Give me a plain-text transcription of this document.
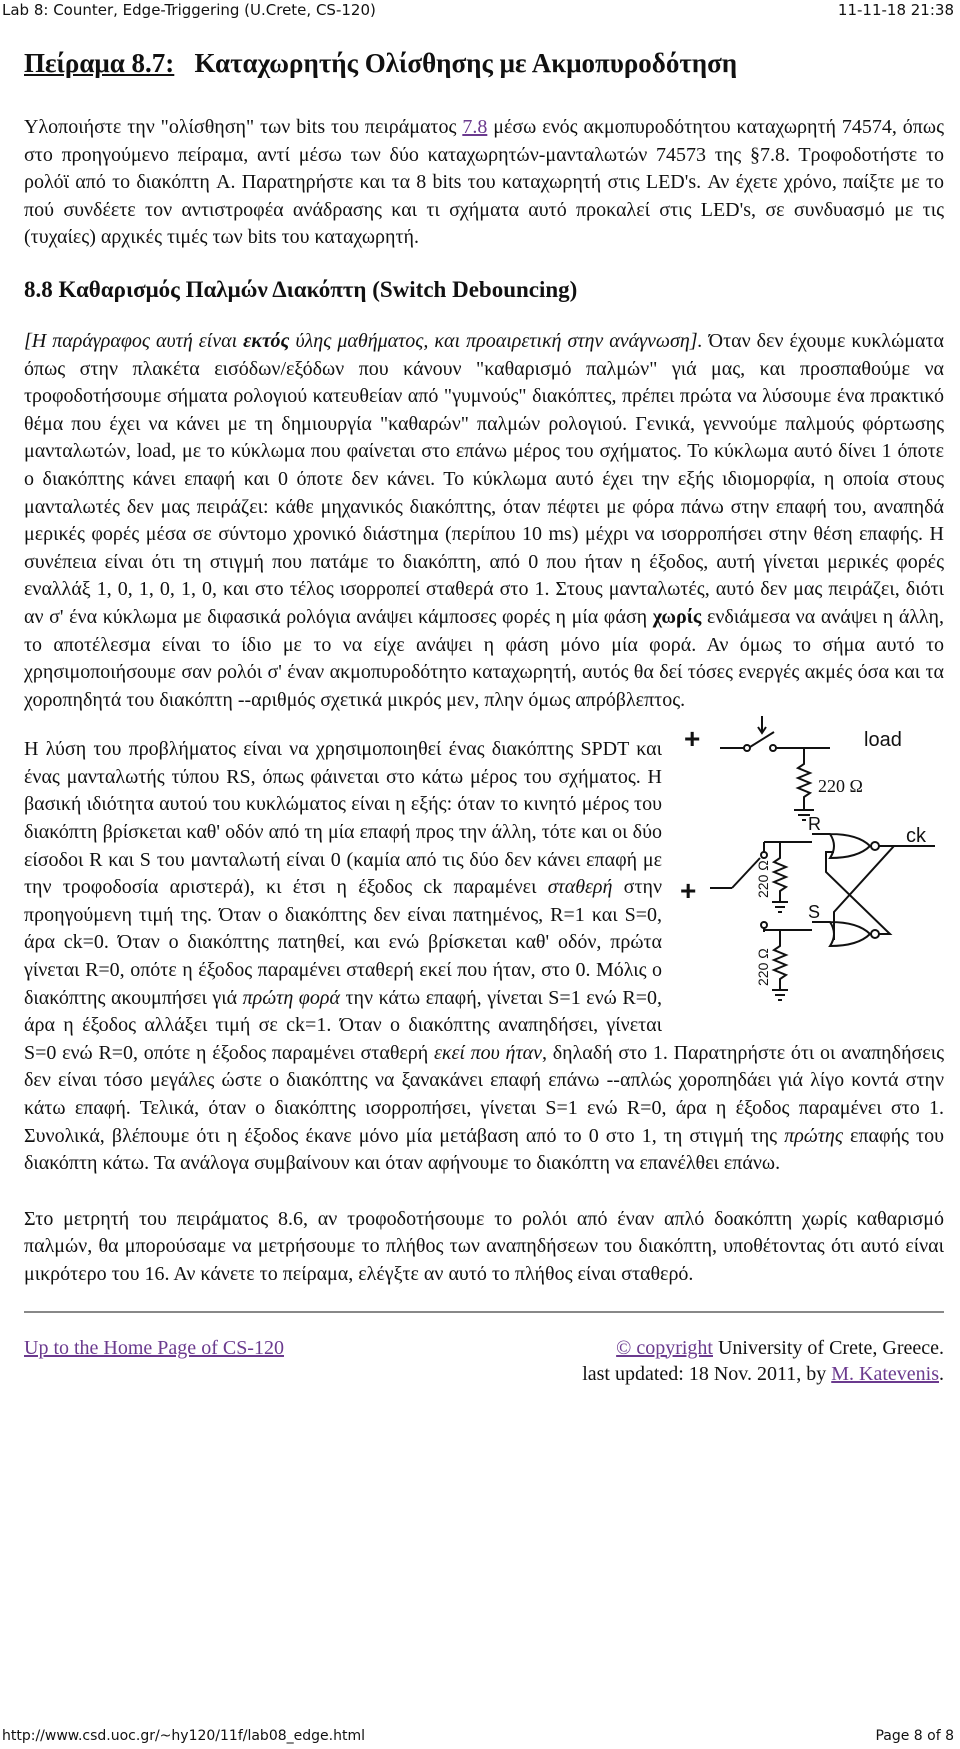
Lab 8: Counter, Edge-Triggering (U.Crete, CS-120)	11-11-18 21:38
Πείραμα 8.7: Καταχωρητής Ολίσθησης με Ακμοπυροδότηση

Υλοποιήστε την "ολίσθηση" των bits του πειράματος 7.8 μέσω ενός ακμοπυροδότητου καταχωρητή 74574, όπως στο προηγούμενο πείραμα, αντί μέσω των δύο καταχωρητών-μανταλωτών 74573 της §7.8. Τροφοδοτήστε το ρολόϊ από το διακόπτη A. Παρατηρήστε και τα 8 bits του καταχωρητή στις LED's. Αν έχετε χρόνο, παίξτε με το πού συνδέετε τον αντιστροφέα ανάδρασης και τι σχήματα αυτό προκαλεί στις LED's, σε συνδυασμό με τις (τυχαίες) αρχικές τιμές των bits του καταχωρητή.

8.8 Καθαρισμός Παλμών Διακόπτη (Switch Debouncing)

[Η παράγραφος αυτή είναι εκτός ύλης μαθήματος, και προαιρετική στην ανάγνωση]. Όταν δεν έχουμε κυκλώματα όπως στην πλακέτα εισόδων/εξόδων που κάνουν "καθαρισμό παλμών" γιά μας, και προσπαθούμε να τροφοδοτήσουμε σήματα ρολογιού κατευθείαν από "γυμνούς" διακόπτες, πρέπει πρώτα να λύσουμε ένα πρακτικό θέμα που έχει να κάνει με τη δημιουργία "καθαρών" παλμών ρολογιού. Γενικά, γεννούμε παλμούς φόρτωσης μανταλωτών, load, με το κύκλωμα που φαίνεται στο επάνω μέρος του σχήματος. Το κύκλωμα αυτό δίνει 1 όποτε ο διακόπτης κάνει επαφή και 0 όποτε δεν κάνει. Το κύκλωμα αυτό έχει την εξής ιδιομορφία, η οποία στους μανταλωτές δεν μας πειράζει: κάθε μηχανικός διακόπτης, όταν πέφτει με φόρα πάνω στην επαφή του, αναπηδά μερικές φορές μέσα σε σύντομο χρονικό διάστημα (περίπου 10 ms) μέχρι να ισορροπήσει στην θέση επαφής. Η συνέπεια είναι ότι τη στιγμή που πατάμε το διακόπτη, από 0 που ήταν η έξοδος, αυτή γίνεται μερικές φορές εναλλάξ 1, 0, 1, 0, 1, 0, και στο τέλος ισορροπεί σταθερά στο 1. Στους μανταλωτές, αυτό δεν μας πειράζει, διότι αν σ' ένα κύκλωμα με διφασικά ρολόγια ανάψει κάμποσες φορές η μία φάση χωρίς ενδιάμεσα να ανάψει η άλλη, το αποτέλεσμα είναι το ίδιο με το να είχε ανάψει η φάση μόνο μία φορά. Αν όμως το σήμα αυτό το χρησιμοποιήσουμε σαν ρολόι σ' έναν ακμοπυροδότητο καταχωρητή, αυτός θα δεί τόσες ενεργές ακμές όσα και τα χοροπηδητά του διακόπτη --αριθμός σχετικά μικρός μεν, πλην όμως απρόβλεπτος.

+	load
220 Ω
R
ck
+
S
220 Ω
220 Ω

Η λύση του προβλήματος είναι να χρησιμοποιηθεί ένας διακόπτης SPDT και ένας μανταλωτής τύπου RS, όπως φάινεται στο κάτω μέρος του σχήματος. Η βασική ιδιότητα αυτού του κυκλώματος είναι η εξής: όταν το κινητό μέρος του διακόπτη βρίσκεται καθ' οδόν από τη μία επαφή προς την άλλη, τότε και οι δύο είσοδοι R και S του μανταλωτή είναι 0 (καμία από τις δύο δεν κάνει επαφή με την τροφοδοσία αριστερά), κι έτσι η έξοδος ck παραμένει σταθερή στην προηγούμενη τιμή της. Όταν ο διακόπτης δεν είναι πατημένος, R=1 και S=0, άρα ck=0. Όταν ο διακόπτης πατηθεί, και ενώ βρίσκεται καθ' οδόν, πρώτα γίνεται R=0, οπότε η έξοδος παραμένει σταθερή εκεί που ήταν, στο 0. Μόλις ο διακόπτης ακουμπήσει γιά πρώτη φορά την κάτω επαφή, γίνεται S=1 ενώ R=0, άρα η έξοδος αλλάξει τιμή σε ck=1. Όταν ο διακόπτης αναπηδήσει, γίνεται S=0 ενώ R=0, οπότε η έξοδος παραμένει σταθερή εκεί που ήταν, δηλαδή στο 1. Παρατηρήστε ότι οι αναπηδήσεις δεν είναι τόσο μεγάλες ώστε ο διακόπτης να ξανακάνει επαφή επάνω --απλώς χοροπηδάει γιά λίγο κοντά στην κάτω επαφή. Τελικά, όταν ο διακόπτης ισορροπήσει, γίνεται S=1 ενώ R=0, άρα η έξοδος παραμένει στο 1. Συνολικά, βλέπουμε ότι η έξοδος έκανε μόνο μία μετάβαση από το 0 στο 1, τη στιγμή της πρώτης επαφής του διακόπτη κάτω. Τα ανάλογα συμβαίνουν και όταν αφήνουμε το διακόπτη να επανέλθει επάνω.

Στο μετρητή του πειράματος 8.6, αν τροφοδοτήσουμε το ρολόι από έναν απλό δοακόπτη χωρίς καθαρισμό παλμών, θα μπορούσαμε να μετρήσουμε το πλήθος των αναπηδήσεων του διακόπτη, υποθέτοντας ότι αυτό είναι μικρότερο του 16. Αν κάνετε το πείραμα, ελέγξτε αν αυτό το πλήθος είναι σταθερό.

Up to the Home Page of CS-120	© copyright University of Crete, Greece.
last updated: 18 Nov. 2011, by M. Katevenis.
http://www.csd.uoc.gr/~hy120/11f/lab08_edge.html	Page 8 of 8
